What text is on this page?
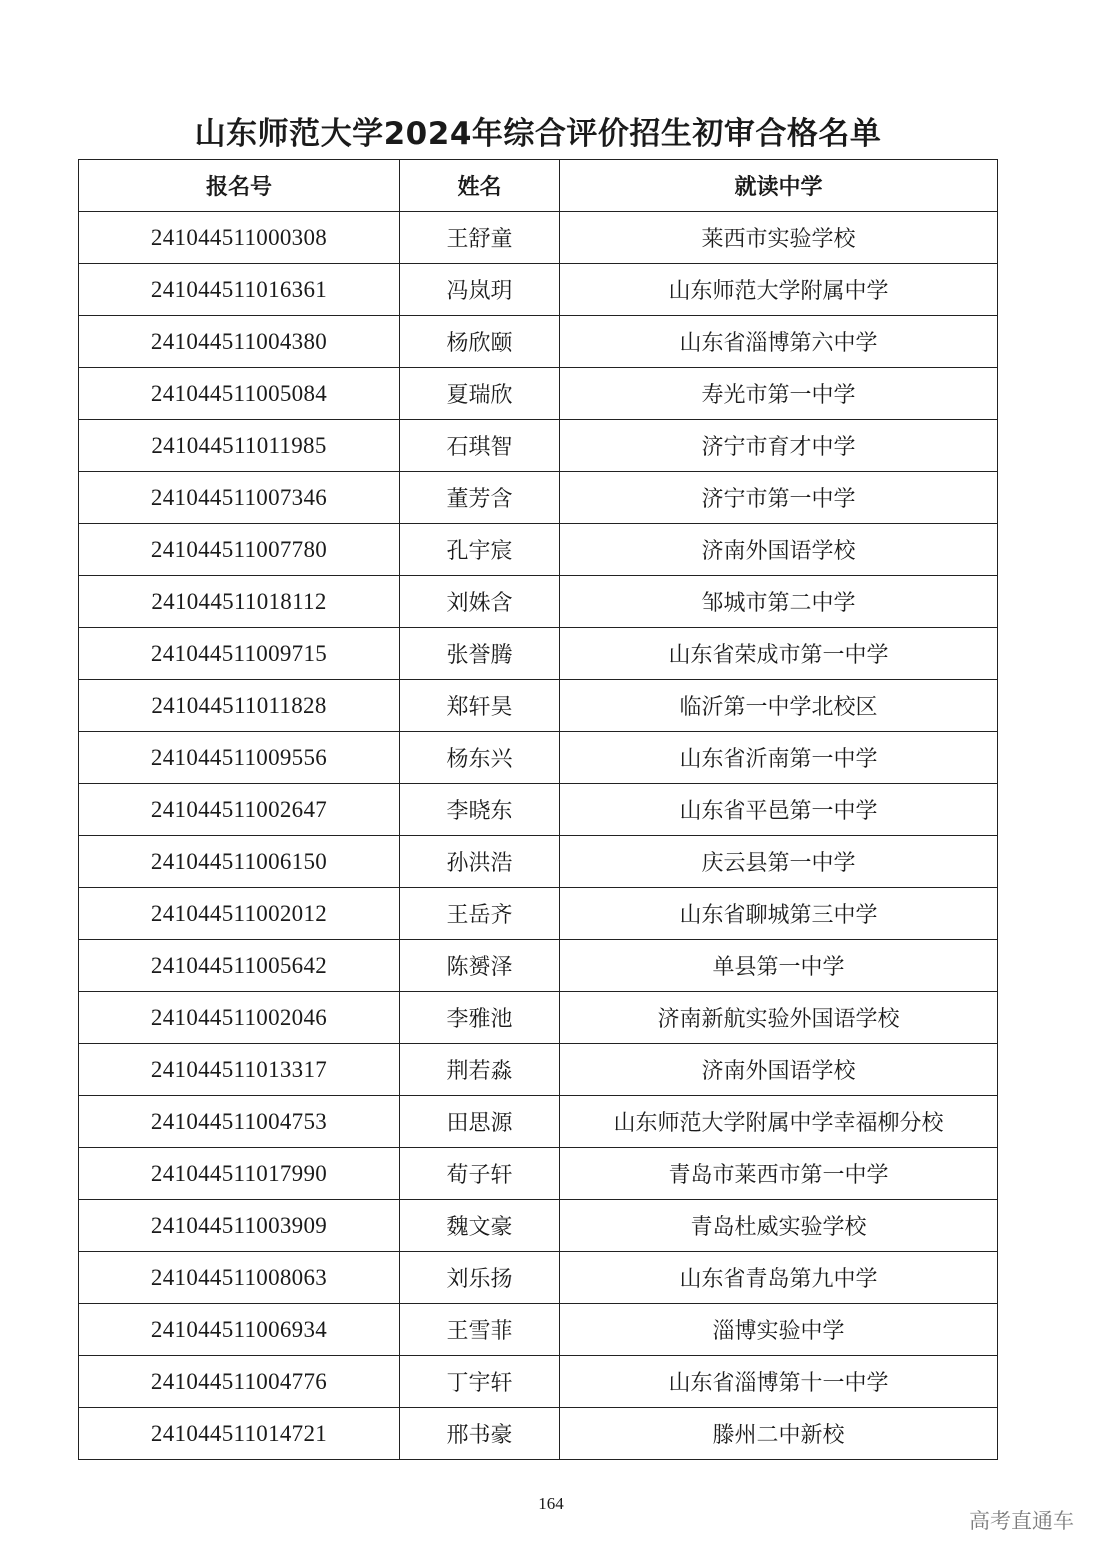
山东师范大学2024年综合评价招生初审合格名单
报名号	姓名	就读中学
241044511000308	王舒童	莱西市实验学校
241044511016361	冯岚玥	山东师范大学附属中学
241044511004380	杨欣颐	山东省淄博第六中学
241044511005084	夏瑞欣	寿光市第一中学
241044511011985	石琪智	济宁市育才中学
241044511007346	董芳含	济宁市第一中学
241044511007780	孔宇宸	济南外国语学校
241044511018112	刘姝含	邹城市第二中学
241044511009715	张誉腾	山东省荣成市第一中学
241044511011828	郑轩昊	临沂第一中学北校区
241044511009556	杨东兴	山东省沂南第一中学
241044511002647	李晓东	山东省平邑第一中学
241044511006150	孙洪浩	庆云县第一中学
241044511002012	王岳齐	山东省聊城第三中学
241044511005642	陈赟泽	单县第一中学
241044511002046	李雅池	济南新航实验外国语学校
241044511013317	荆若淼	济南外国语学校
241044511004753	田思源	山东师范大学附属中学幸福柳分校
241044511017990	荀子轩	青岛市莱西市第一中学
241044511003909	魏文豪	青岛杜威实验学校
241044511008063	刘乐扬	山东省青岛第九中学
241044511006934	王雪菲	淄博实验中学
241044511004776	丁宇轩	山东省淄博第十一中学
241044511014721	邢书豪	滕州二中新校
164
高考直通车
